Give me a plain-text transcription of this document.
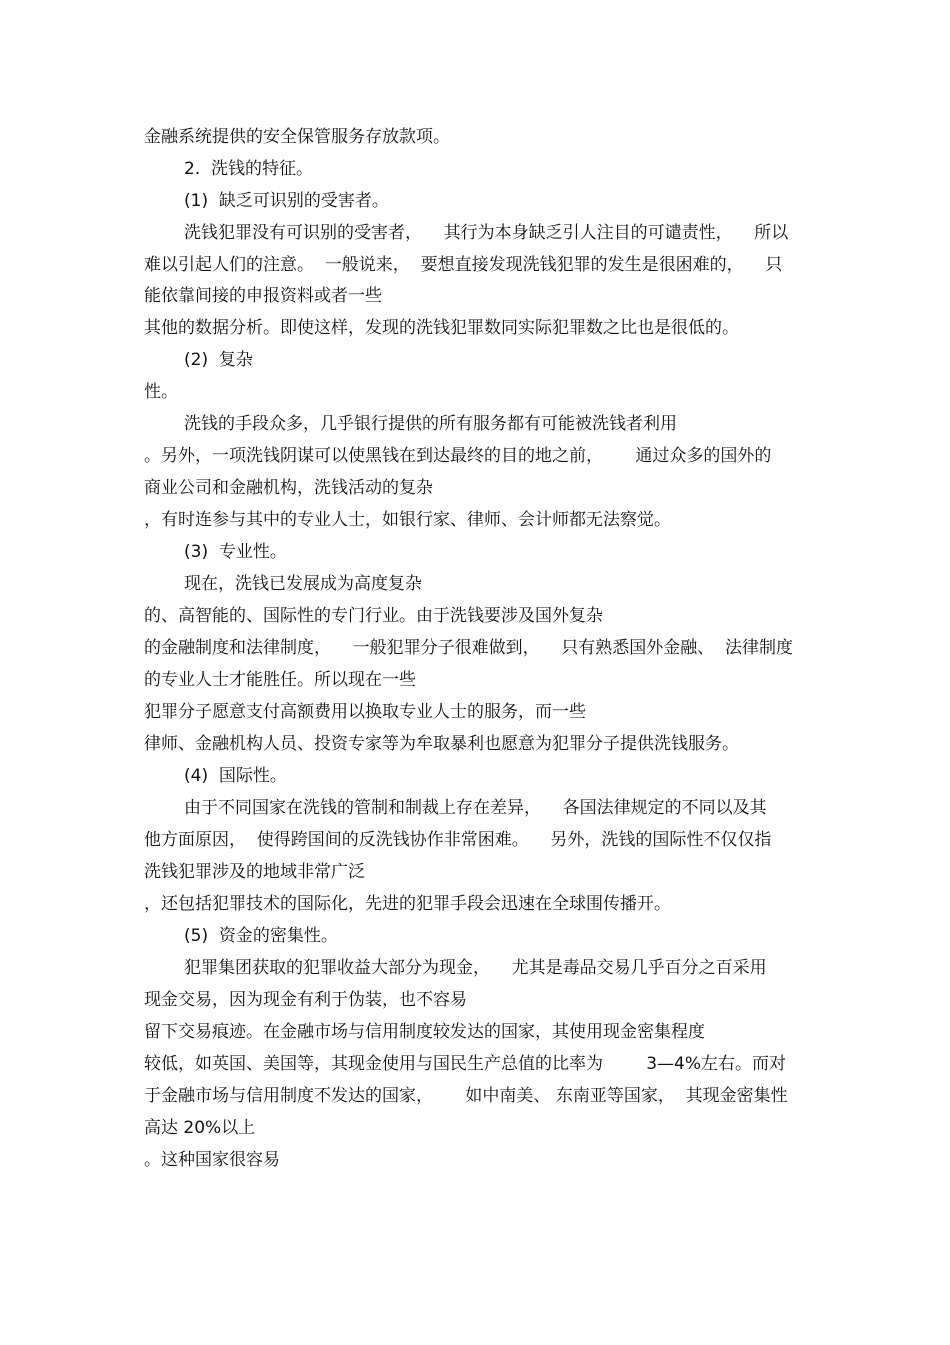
金融系统提供的安全保管服务存放款项。
2.  洗钱的特征。
(1)  缺乏可识别的受害者。
洗钱犯罪没有可识别的受害者，    其行为本身缺乏引人注目的可谴责性，    所以
难以引起人们的注意。  一般说来，  要想直接发现洗钱犯罪的发生是很困难的，    只
能依靠间接的申报资料或者一些
其他的数据分析。即使这样，发现的洗钱犯罪数同实际犯罪数之比也是很低的。
(2)  复杂
性。
洗钱的手段众多，几乎银行提供的所有服务都有可能被洗钱者利用
。另外，一项洗钱阴谋可以使黑钱在到达最终的目的地之前，      通过众多的国外的
商业公司和金融机构，洗钱活动的复杂
，有时连参与其中的专业人士，如银行家、律师、会计师都无法察觉。
(3)  专业性。
现在，洗钱已发展成为高度复杂
的、高智能的、国际性的专门行业。由于洗钱要涉及国外复杂
的金融制度和法律制度，    一般犯罪分子很难做到，    只有熟悉国外金融、  法律制度
的专业人士才能胜任。所以现在一些
犯罪分子愿意支付高额费用以换取专业人士的服务，而一些
律师、金融机构人员、投资专家等为牟取暴利也愿意为犯罪分子提供洗钱服务。
(4)  国际性。
由于不同国家在洗钱的管制和制裁上存在差异，    各国法律规定的不同以及其
他方面原因，  使得跨国间的反洗钱协作非常困难。    另外，洗钱的国际性不仅仅指
洗钱犯罪涉及的地域非常广泛
，还包括犯罪技术的国际化，先进的犯罪手段会迅速在全球围传播开。
(5)  资金的密集性。
犯罪集团获取的犯罪收益大部分为现金，    尤其是毒品交易几乎百分之百采用
现金交易，因为现金有利于伪装，也不容易
留下交易痕迹。在金融市场与信用制度较发达的国家，其使用现金密集程度
较低，如英国、美国等，其现金使用与国民生产总值的比率为        3—4%左右。而对
于金融市场与信用制度不发达的国家，      如中南美、 东南亚等国家，  其现金密集性
高达 20%以上
。这种国家很容易
